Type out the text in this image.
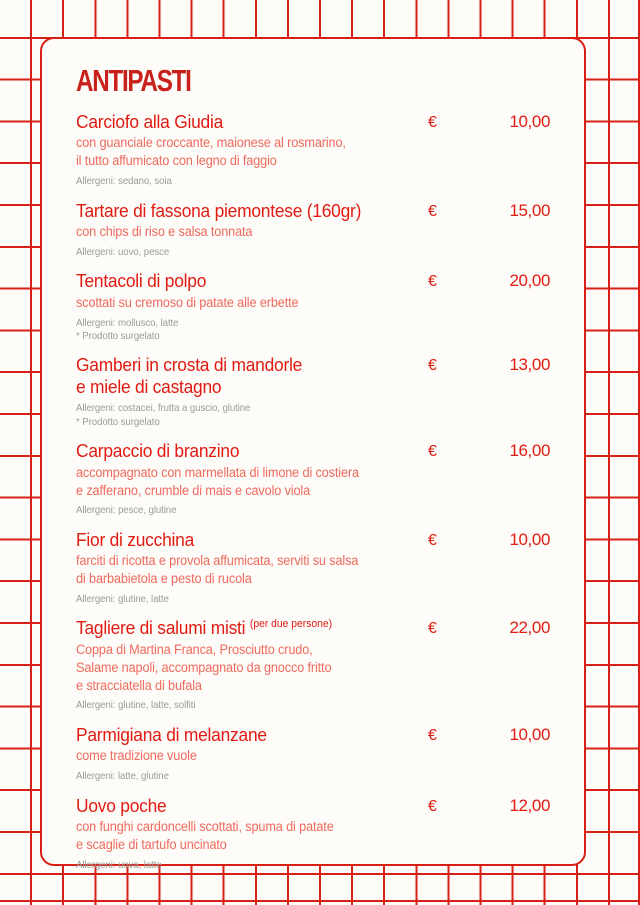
ANTIPASTI
Carciofo alla Giudia
con guanciale croccante, maionese al rosmarino,
il tutto affumicato con legno di faggio
Allergeni: sedano, soia
€	10,00
Tartare di fassona piemontese (160gr)
con chips di riso e salsa tonnata
Allergeni: uovo, pesce
€	15,00
Tentacoli di polpo
scottati su cremoso di patate alle erbette
Allergeni: mollusco, latte
* Prodotto surgelato
€	20,00
Gamberi in crosta di mandorle
e miele di castagno
Allergeni: costacei, frutta a guscio, glutine
* Prodotto surgelato
€	13,00
Carpaccio di branzino
accompagnato con marmellata di limone di costiera
e zafferano, crumble di mais e cavolo viola
Allergeni: pesce, glutine
€	16,00
Fior di zucchina
farciti di ricotta e provola affumicata, serviti su salsa
di barbabietola e pesto di rucola
Allergeni: glutine, latte
€	10,00
Tagliere di salumi misti $^{(per due persone)}$
Coppa di Martina Franca, Prosciutto crudo,
Salame napoli, accompagnato da gnocco fritto
e stracciatella di bufala
Allergeni: glutine, latte, solfiti
€	22,00
Parmigiana di melanzane
come tradizione vuole
Allergeni: latte, glutine
€	10,00
Uovo poche
con funghi cardoncelli scottati, spuma di patate
e scaglie di tartufo uncinato
Allergeni: uova, latte
€	12,00
